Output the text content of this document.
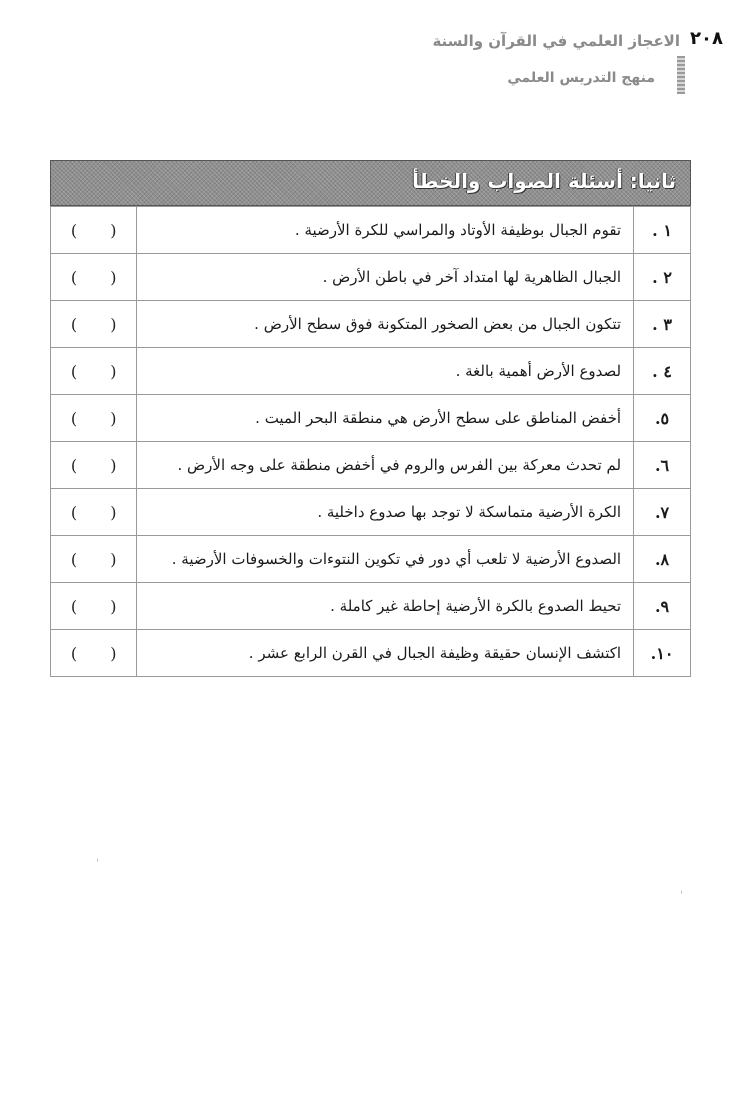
٢٠٨
الاعجاز العلمي في القرآن والسنة
منهج التدريس العلمي
ثانيا: أسئلة الصواب والخطأ
( )	تقوم الجبال بوظيفة الأوتاد والمراسي للكرة الأرضية .	١ .
( )	الجبال الظاهرية لها امتداد آخر في باطن الأرض .	٢ .
( )	تتكون الجبال من بعض الصخور المتكونة فوق سطح الأرض .	٣ .
( )	لصدوع الأرض أهمية بالغة .	٤ .
( )	أخفض المناطق على سطح الأرض هي منطقة البحر الميت .	٥.
( )	لم تحدث معركة بين الفرس والروم في أخفض منطقة على وجه الأرض .	٦.
( )	الكرة الأرضية متماسكة لا توجد بها صدوع داخلية .	٧.
( )	الصدوع الأرضية لا تلعب أي دور في تكوين النتوءات والخسوفات الأرضية .	٨.
( )	تحيط الصدوع بالكرة الأرضية إحاطة غير كاملة .	٩.
( )	اكتشف الإنسان حقيقة وظيفة الجبال في القرن الرابع عشر .	١٠.
ˌ
ˌ
